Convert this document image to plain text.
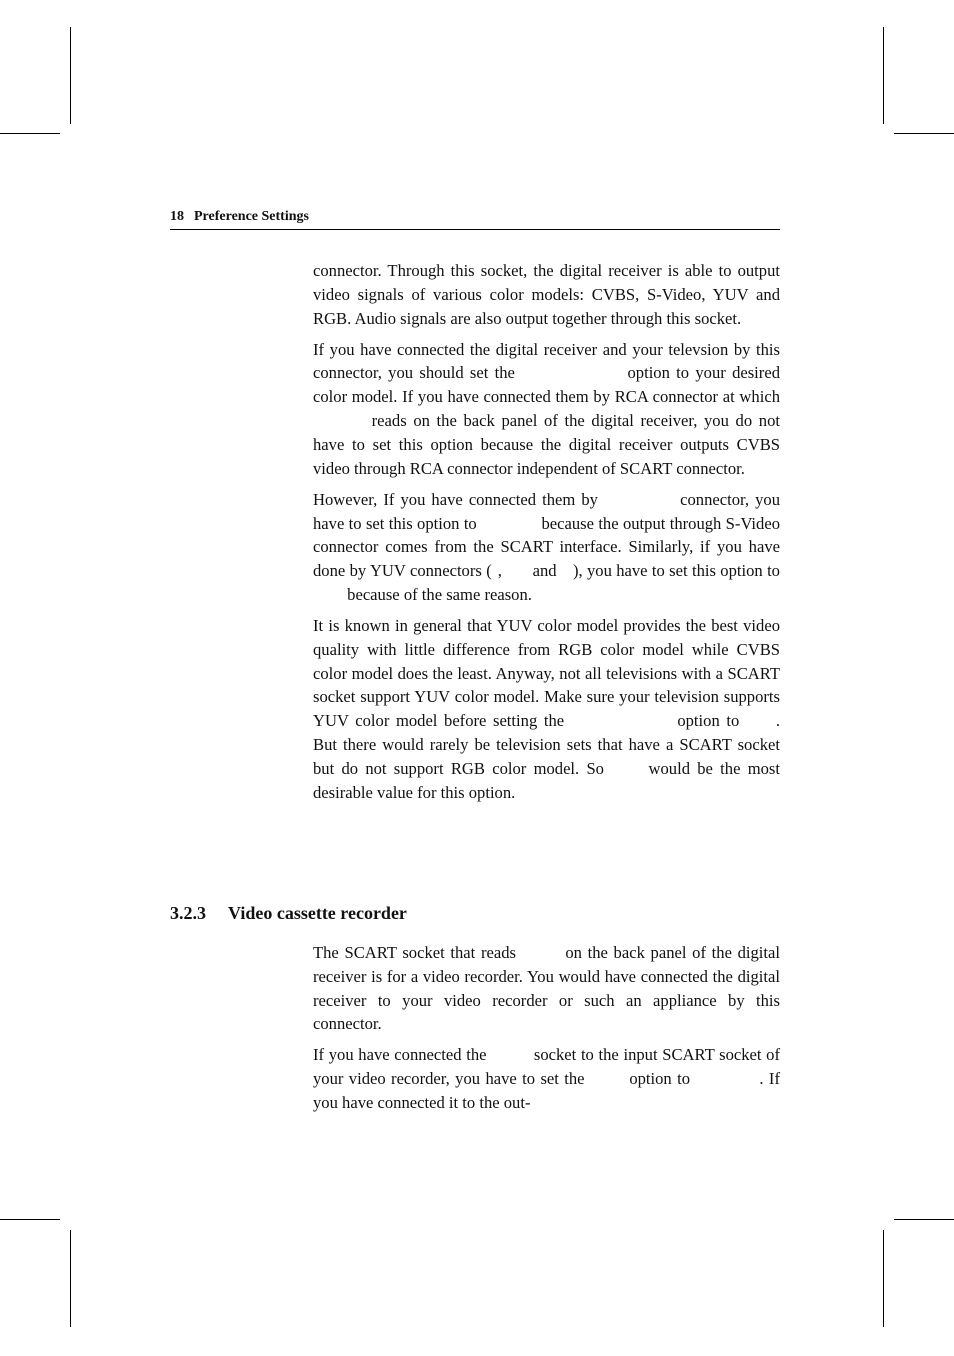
18 Preference Settings

connector. Through this socket, the digital receiver is able to output video signals of various color models: CVBS, S-Video, YUV and RGB. Audio signals are also output together through this socket.

If you have connected the digital receiver and your televsion by this connector, you should set the	option to your desired color model. If you have connected them by RCA connector at which  reads on the back panel of the digital receiver, you do not have to set this option because the digital receiver outputs CVBS video through RCA connector independent of SCART connector.

However, If you have connected them by	connector, you have to set this option to	because the output through S-Video connector comes from the SCART interface. Similarly, if you have done by YUV connectors ( , and ), you have to set this option to  because of the same reason.

It is known in general that YUV color model provides the best video quality with little difference from RGB color model while CVBS color model does the least. Anyway, not all televisions with a SCART socket support YUV color model. Make sure your television supports YUV color model before setting the	option to . But there would rarely be television sets that have a SCART socket but do not support RGB color model. So	would be the most desirable value for this option.

3.2.3 Video cassette recorder

The SCART socket that reads	on the back panel of the digital receiver is for a video recorder. You would have connected the digital receiver to your video recorder or such an appliance by this connector.

If you have connected the	socket to the input SCART socket of your video recorder, you have to set the	option to	. If you have connected it to the out-
